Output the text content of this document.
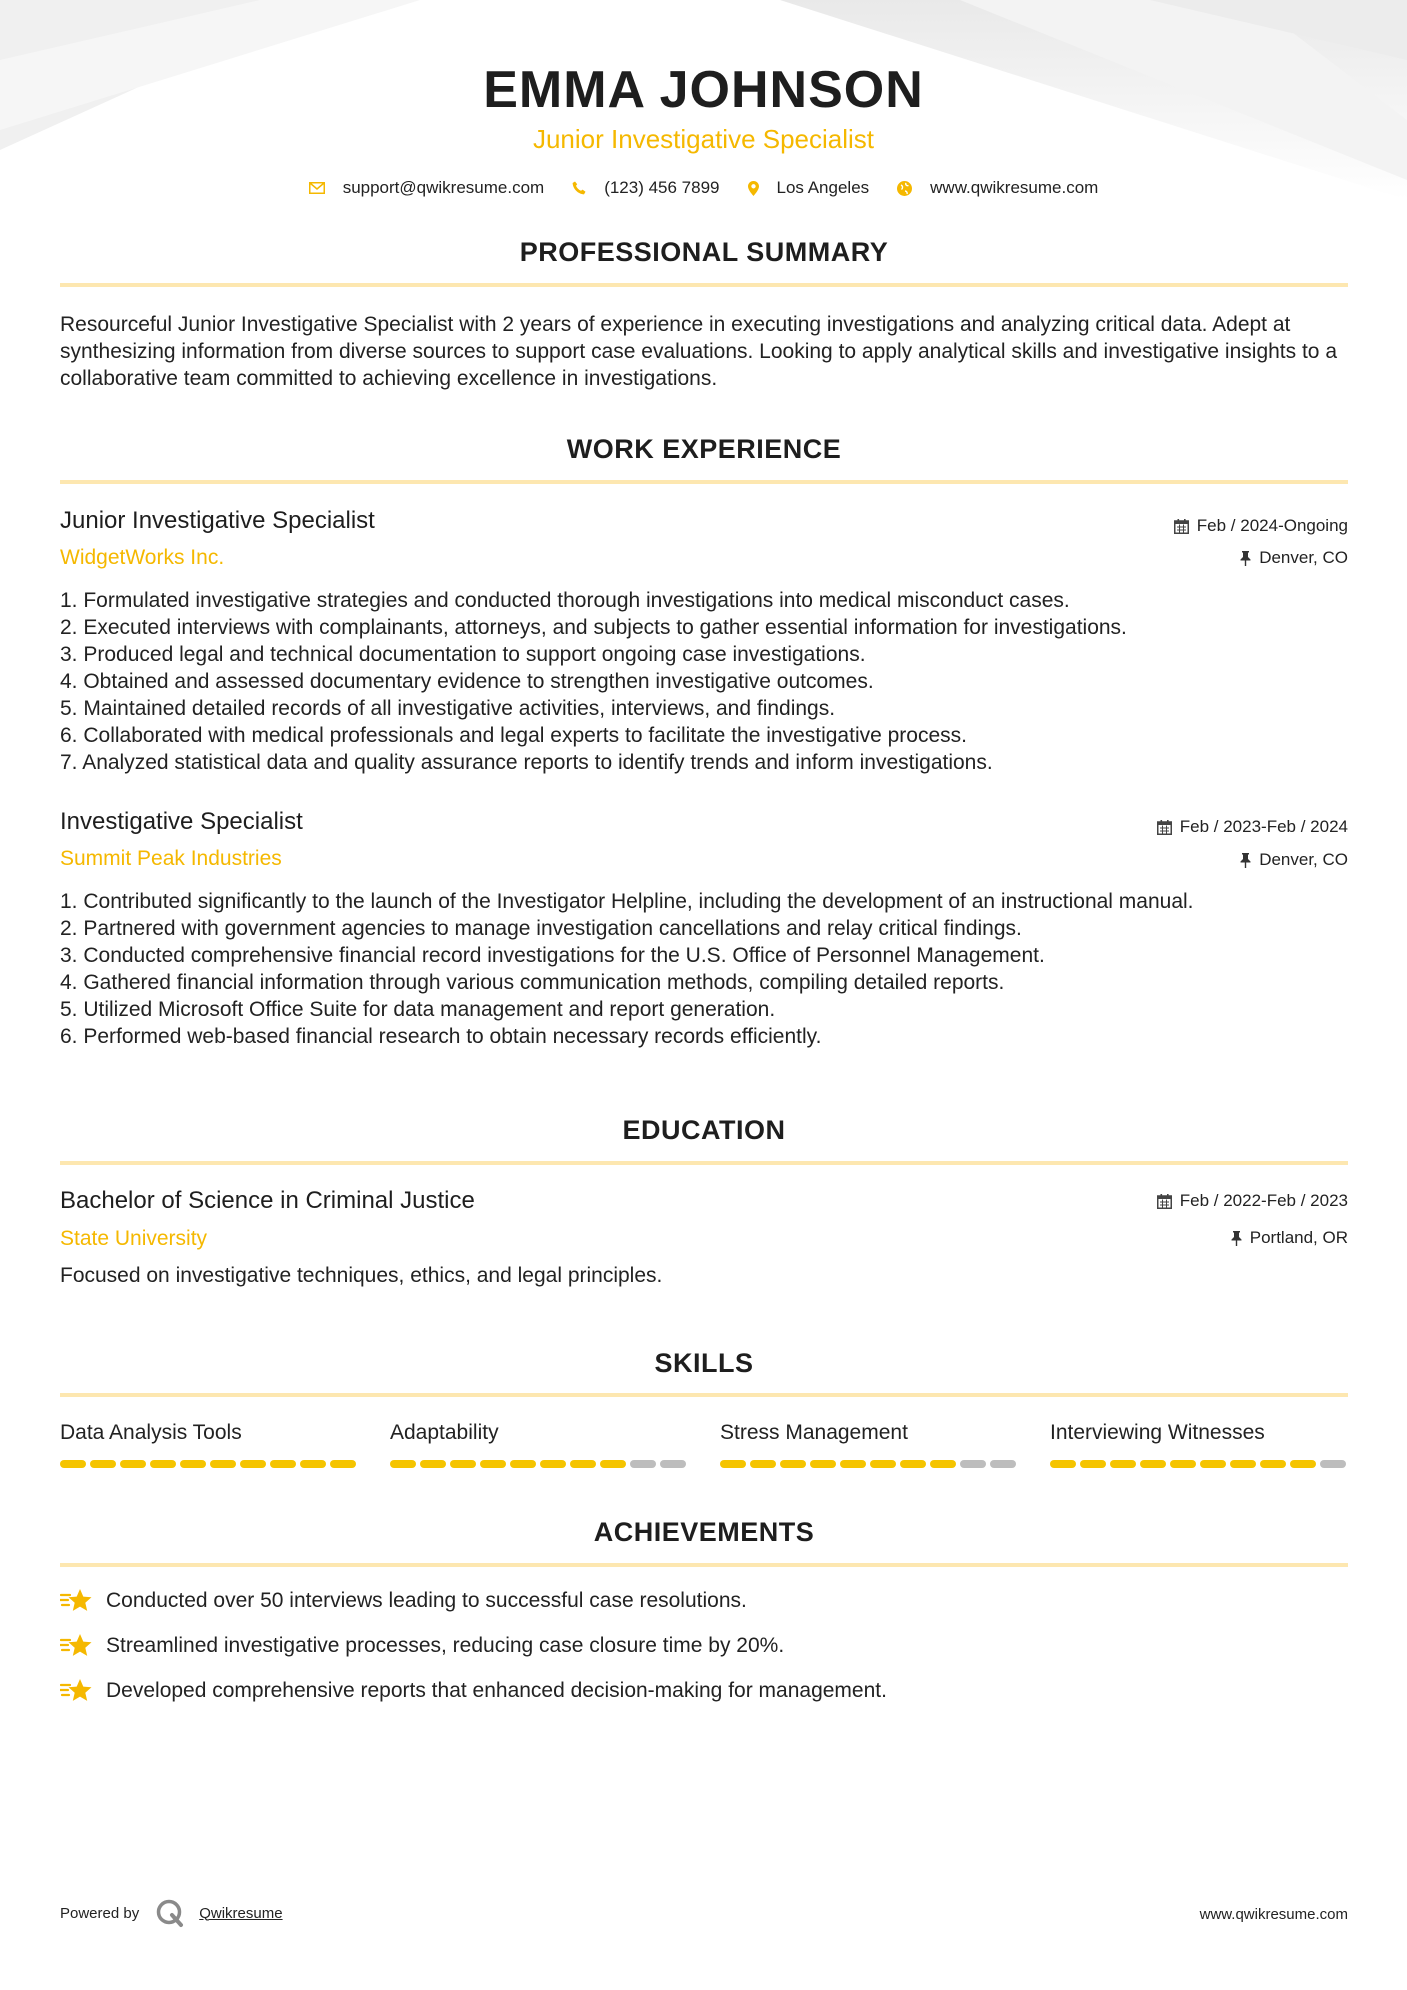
EMMA JOHNSON
Junior Investigative Specialist
support@qwikresume.com	(123) 456 7899	Los Angeles	www.qwikresume.com
PROFESSIONAL SUMMARY
Resourceful Junior Investigative Specialist with 2 years of experience in executing investigations and analyzing critical data. Adept at synthesizing information from diverse sources to support case evaluations. Looking to apply analytical skills and investigative insights to a collaborative team committed to achieving excellence in investigations.
WORK EXPERIENCE
Junior Investigative Specialist	Feb / 2024-Ongoing
WidgetWorks Inc.	Denver, CO
1. Formulated investigative strategies and conducted thorough investigations into medical misconduct cases.
2. Executed interviews with complainants, attorneys, and subjects to gather essential information for investigations.
3. Produced legal and technical documentation to support ongoing case investigations.
4. Obtained and assessed documentary evidence to strengthen investigative outcomes.
5. Maintained detailed records of all investigative activities, interviews, and findings.
6. Collaborated with medical professionals and legal experts to facilitate the investigative process.
7. Analyzed statistical data and quality assurance reports to identify trends and inform investigations.
Investigative Specialist	Feb / 2023-Feb / 2024
Summit Peak Industries	Denver, CO
1. Contributed significantly to the launch of the Investigator Helpline, including the development of an instructional manual.
2. Partnered with government agencies to manage investigation cancellations and relay critical findings.
3. Conducted comprehensive financial record investigations for the U.S. Office of Personnel Management.
4. Gathered financial information through various communication methods, compiling detailed reports.
5. Utilized Microsoft Office Suite for data management and report generation.
6. Performed web-based financial research to obtain necessary records efficiently.
EDUCATION
Bachelor of Science in Criminal Justice	Feb / 2022-Feb / 2023
State University	Portland, OR
Focused on investigative techniques, ethics, and legal principles.
SKILLS
Data Analysis Tools	Adaptability	Stress Management	Interviewing Witnesses
ACHIEVEMENTS
Conducted over 50 interviews leading to successful case resolutions.
Streamlined investigative processes, reducing case closure time by 20%.
Developed comprehensive reports that enhanced decision-making for management.
Powered by	Qwikresume	www.qwikresume.com
